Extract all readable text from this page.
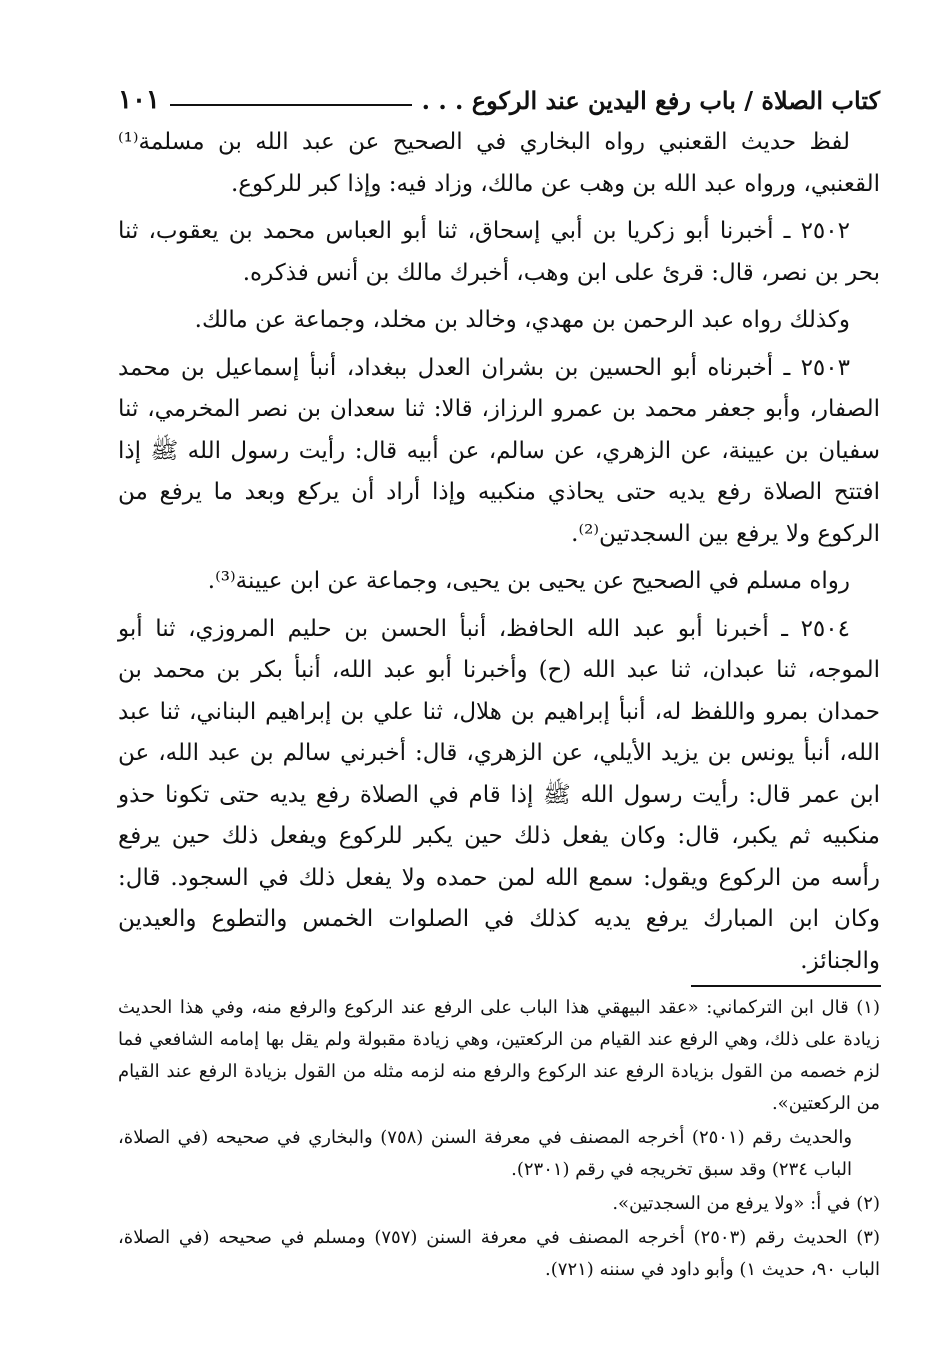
١٠١	كتاب الصلاة / باب رفع اليدين عند الركوع . . .

لفظ حديث القعنبي رواه البخاري في الصحيح عن عبد الله بن مسلمة⁽¹⁾ القعنبي، ورواه عبد الله بن وهب عن مالك، وزاد فيه: وإذا كبر للركوع.

٢٥٠٢ ـ أخبرنا أبو زكريا بن أبي إسحاق، ثنا أبو العباس محمد بن يعقوب، ثنا بحر بن نصر، قال: قرئ على ابن وهب، أخبرك مالك بن أنس فذكره.

وكذلك رواه عبد الرحمن بن مهدي، وخالد بن مخلد، وجماعة عن مالك.

٢٥٠٣ ـ أخبرناه أبو الحسين بن بشران العدل ببغداد، أنبأ إسماعيل بن محمد الصفار، وأبو جعفر محمد بن عمرو الرزاز، قالا: ثنا سعدان بن نصر المخرمي، ثنا سفيان بن عيينة، عن الزهري، عن سالم، عن أبيه قال: رأيت رسول الله ﷺ إذا افتتح الصلاة رفع يديه حتى يحاذي منكبيه وإذا أراد أن يركع وبعد ما يرفع من الركوع ولا يرفع بين السجدتين⁽²⁾.

رواه مسلم في الصحيح عن يحيى بن يحيى، وجماعة عن ابن عيينة⁽³⁾.

٢٥٠٤ ـ أخبرنا أبو عبد الله الحافظ، أنبأ الحسن بن حليم المروزي، ثنا أبو الموجه، ثنا عبدان، ثنا عبد الله (ح) وأخبرنا أبو عبد الله، أنبأ بكر بن محمد بن حمدان بمرو واللفظ له، أنبأ إبراهيم بن هلال، ثنا علي بن إبراهيم البناني، ثنا عبد الله، أنبأ يونس بن يزيد الأيلي، عن الزهري، قال: أخبرني سالم بن عبد الله، عن ابن عمر قال: رأيت رسول الله ﷺ إذا قام في الصلاة رفع يديه حتى تكونا حذو منكبيه ثم يكبر، قال: وكان يفعل ذلك حين يكبر للركوع ويفعل ذلك حين يرفع رأسه من الركوع ويقول: سمع الله لمن حمده ولا يفعل ذلك في السجود. قال: وكان ابن المبارك يرفع يديه كذلك في الصلوات الخمس والتطوع والعيدين والجنائز.

(١) قال ابن التركماني: «عقد البيهقي هذا الباب على الرفع عند الركوع والرفع منه، وفي هذا الحديث زيادة على ذلك، وهي الرفع عند القيام من الركعتين، وهي زيادة مقبولة ولم يقل بها إمامه الشافعي فما لزم خصمه من القول بزيادة الرفع عند الركوع والرفع منه لزمه مثله من القول بزيادة الرفع عند القيام من الركعتين».

والحديث رقم (٢٥٠١) أخرجه المصنف في معرفة السنن (٧٥٨) والبخاري في صحيحه (في الصلاة، الباب ٢٣٤) وقد سبق تخريجه في رقم (٢٣٠١).

(٢) في أ: «ولا يرفع من السجدتين».

(٣) الحديث رقم (٢٥٠٣) أخرجه المصنف في معرفة السنن (٧٥٧) ومسلم في صحيحه (في الصلاة، الباب ٩٠، حديث ١) وأبو داود في سننه (٧٢١).
